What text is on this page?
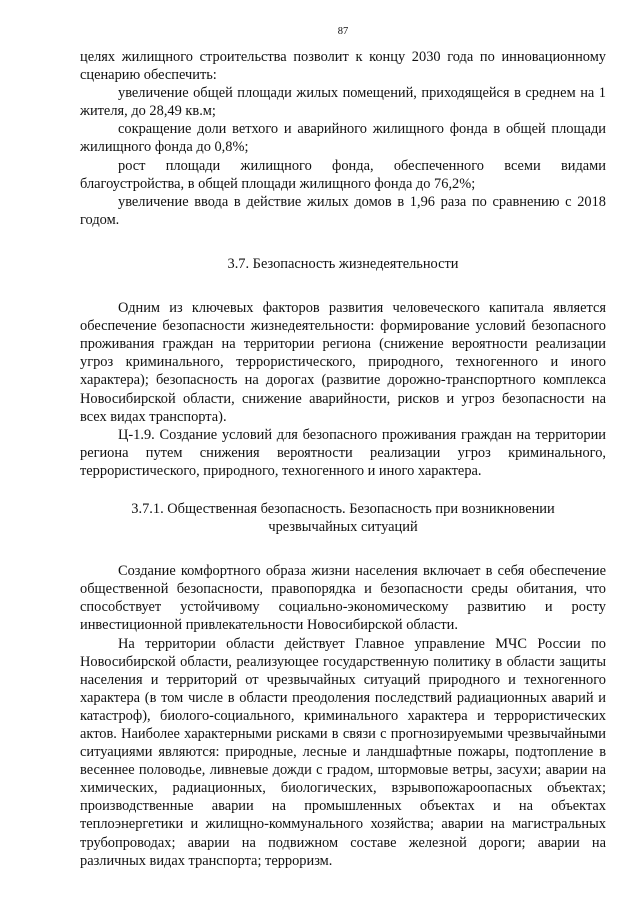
87

целях жилищного строительства позволит к концу 2030 года по инновационному сценарию обеспечить:

увеличение общей площади жилых помещений, приходящейся в среднем на 1 жителя, до 28,49 кв.м;

сокращение доли ветхого и аварийного жилищного фонда в общей площади жилищного фонда до 0,8%;

рост площади жилищного фонда, обеспеченного всеми видами благоустройства, в общей площади жилищного фонда до 76,2%;

увеличение ввода в действие жилых домов в 1,96 раза по сравнению с 2018 годом.

3.7. Безопасность жизнедеятельности

Одним из ключевых факторов развития человеческого капитала является обеспечение безопасности жизнедеятельности: формирование условий безопасного проживания граждан на территории региона (снижение вероятности реализации угроз криминального, террористического, природного, техногенного и иного характера); безопасность на дорогах (развитие дорожно-транспортного комплекса Новосибирской области, снижение аварийности, рисков и угроз безопасности на всех видах транспорта).

Ц-1.9. Создание условий для безопасного проживания граждан на территории региона путем снижения вероятности реализации угроз криминального, террористического, природного, техногенного и иного характера.

3.7.1. Общественная безопасность. Безопасность при возникновении
чрезвычайных ситуаций

Создание комфортного образа жизни населения включает в себя обеспечение общественной безопасности, правопорядка и безопасности среды обитания, что способствует устойчивому социально-экономическому развитию и росту инвестиционной привлекательности Новосибирской области.

На территории области действует Главное управление МЧС России по Новосибирской области, реализующее государственную политику в области защиты населения и территорий от чрезвычайных ситуаций природного и техногенного характера (в том числе в области преодоления последствий радиационных аварий и катастроф), биолого-социального, криминального характера и террористических актов. Наиболее характерными рисками в связи с прогнозируемыми чрезвычайными ситуациями являются: природные, лесные и ландшафтные пожары, подтопление в весеннее половодье, ливневые дожди с градом, штормовые ветры, засухи; аварии на химических, радиационных, биологических, взрывопожароопасных объектах; производственные аварии на промышленных объектах и на объектах теплоэнергетики и жилищно-коммунального хозяйства; аварии на магистральных трубопроводах; аварии на подвижном составе железной дороги; аварии на различных видах транспорта; терроризм.
